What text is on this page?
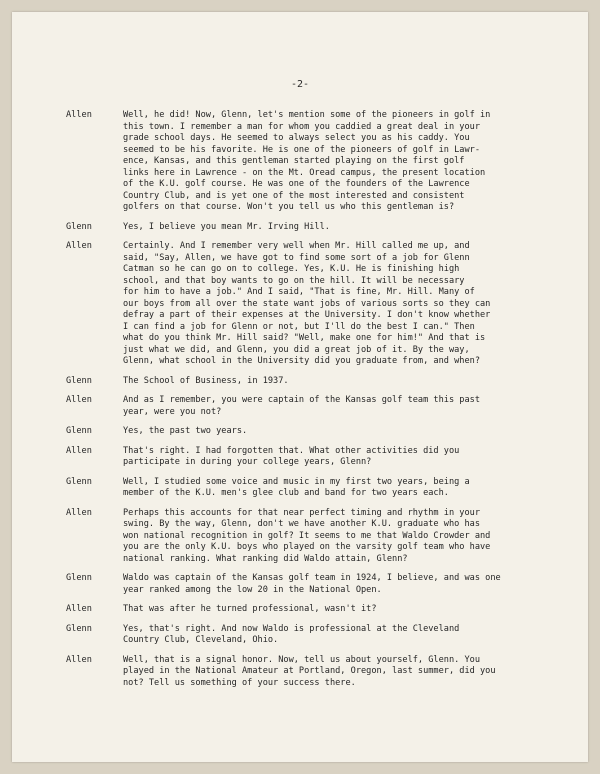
-2-
Allen	Well, he did! Now, Glenn, let's mention some of the pioneers in golf in
this town. I remember a man for whom you caddied a great deal in your
grade school days. He seemed to always select you as his caddy. You
seemed to be his favorite. He is one of the pioneers of golf in Lawr-
ence, Kansas, and this gentleman started playing on the first golf
links here in Lawrence - on the Mt. Oread campus, the present location
of the K.U. golf course. He was one of the founders of the Lawrence
Country Club, and is yet one of the most interested and consistent
golfers on that course. Won't you tell us who this gentleman is?
Glenn	Yes, I believe you mean Mr. Irving Hill.
Allen	Certainly. And I remember very well when Mr. Hill called me up, and
said, "Say, Allen, we have got to find some sort of a job for Glenn
Catman so he can go on to college. Yes, K.U. He is finishing high
school, and that boy wants to go on the hill. It will be necessary
for him to have a job." And I said, "That is fine, Mr. Hill. Many of
our boys from all over the state want jobs of various sorts so they can
defray a part of their expenses at the University. I don't know whether
I can find a job for Glenn or not, but I'll do the best I can." Then
what do you think Mr. Hill said? "Well, make one for him!" And that is
just what we did, and Glenn, you did a great job of it. By the way,
Glenn, what school in the University did you graduate from, and when?
Glenn	The School of Business, in 1937.
Allen	And as I remember, you were captain of the Kansas golf team this past
year, were you not?
Glenn	Yes, the past two years.
Allen	That's right. I had forgotten that. What other activities did you
participate in during your college years, Glenn?
Glenn	Well, I studied some voice and music in my first two years, being a
member of the K.U. men's glee club and band for two years each.
Allen	Perhaps this accounts for that near perfect timing and rhythm in your
swing. By the way, Glenn, don't we have another K.U. graduate who has
won national recognition in golf? It seems to me that Waldo Crowder and
you are the only K.U. boys who played on the varsity golf team who have
national ranking. What ranking did Waldo attain, Glenn?
Glenn	Waldo was captain of the Kansas golf team in 1924, I believe, and was one
year ranked among the low 20 in the National Open.
Allen	That was after he turned professional, wasn't it?
Glenn	Yes, that's right. And now Waldo is professional at the Cleveland
Country Club, Cleveland, Ohio.
Allen	Well, that is a signal honor. Now, tell us about yourself, Glenn. You
played in the National Amateur at Portland, Oregon, last summer, did you
not? Tell us something of your success there.
